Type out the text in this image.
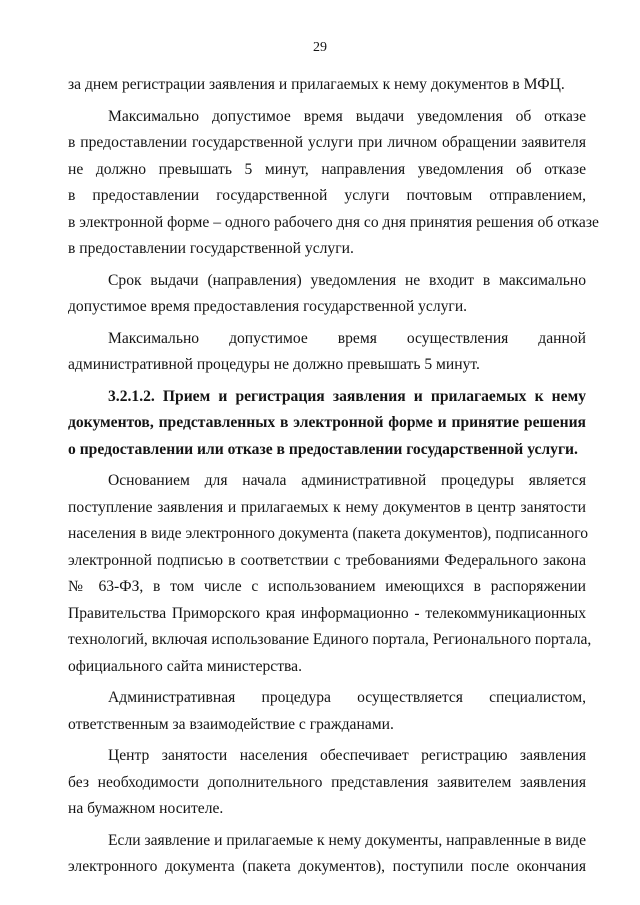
29
за днем регистрации заявления и прилагаемых к нему документов в МФЦ.
Максимально допустимое время выдачи уведомления об отказе
в предоставлении государственной услуги при личном обращении заявителя
не должно превышать 5 минут, направления уведомления об отказе
в предоставлении государственной услуги почтовым отправлением,
в электронной форме – одного рабочего дня со дня принятия решения об отказе
в предоставлении государственной услуги.
Срок выдачи (направления) уведомления не входит в максимально
допустимое время предоставления государственной услуги.
Максимально допустимое время осуществления данной
административной процедуры не должно превышать 5 минут.
3.2.1.2. Прием и регистрация заявления и прилагаемых к нему
документов, представленных в электронной форме и принятие решения
о предоставлении или отказе в предоставлении государственной услуги.
Основанием для начала административной процедуры является
поступление заявления и прилагаемых к нему документов в центр занятости
населения в виде электронного документа (пакета документов), подписанного
электронной подписью в соответствии с требованиями Федерального закона
№ 63-ФЗ, в том числе с использованием имеющихся в распоряжении
Правительства Приморского края информационно - телекоммуникационных
технологий, включая использование Единого портала, Регионального портала,
официального сайта министерства.
Административная процедура осуществляется специалистом,
ответственным за взаимодействие с гражданами.
Центр занятости населения обеспечивает регистрацию заявления
без необходимости дополнительного представления заявителем заявления
на бумажном носителе.
Если заявление и прилагаемые к нему документы, направленные в виде
электронного документа (пакета документов), поступили после окончания
